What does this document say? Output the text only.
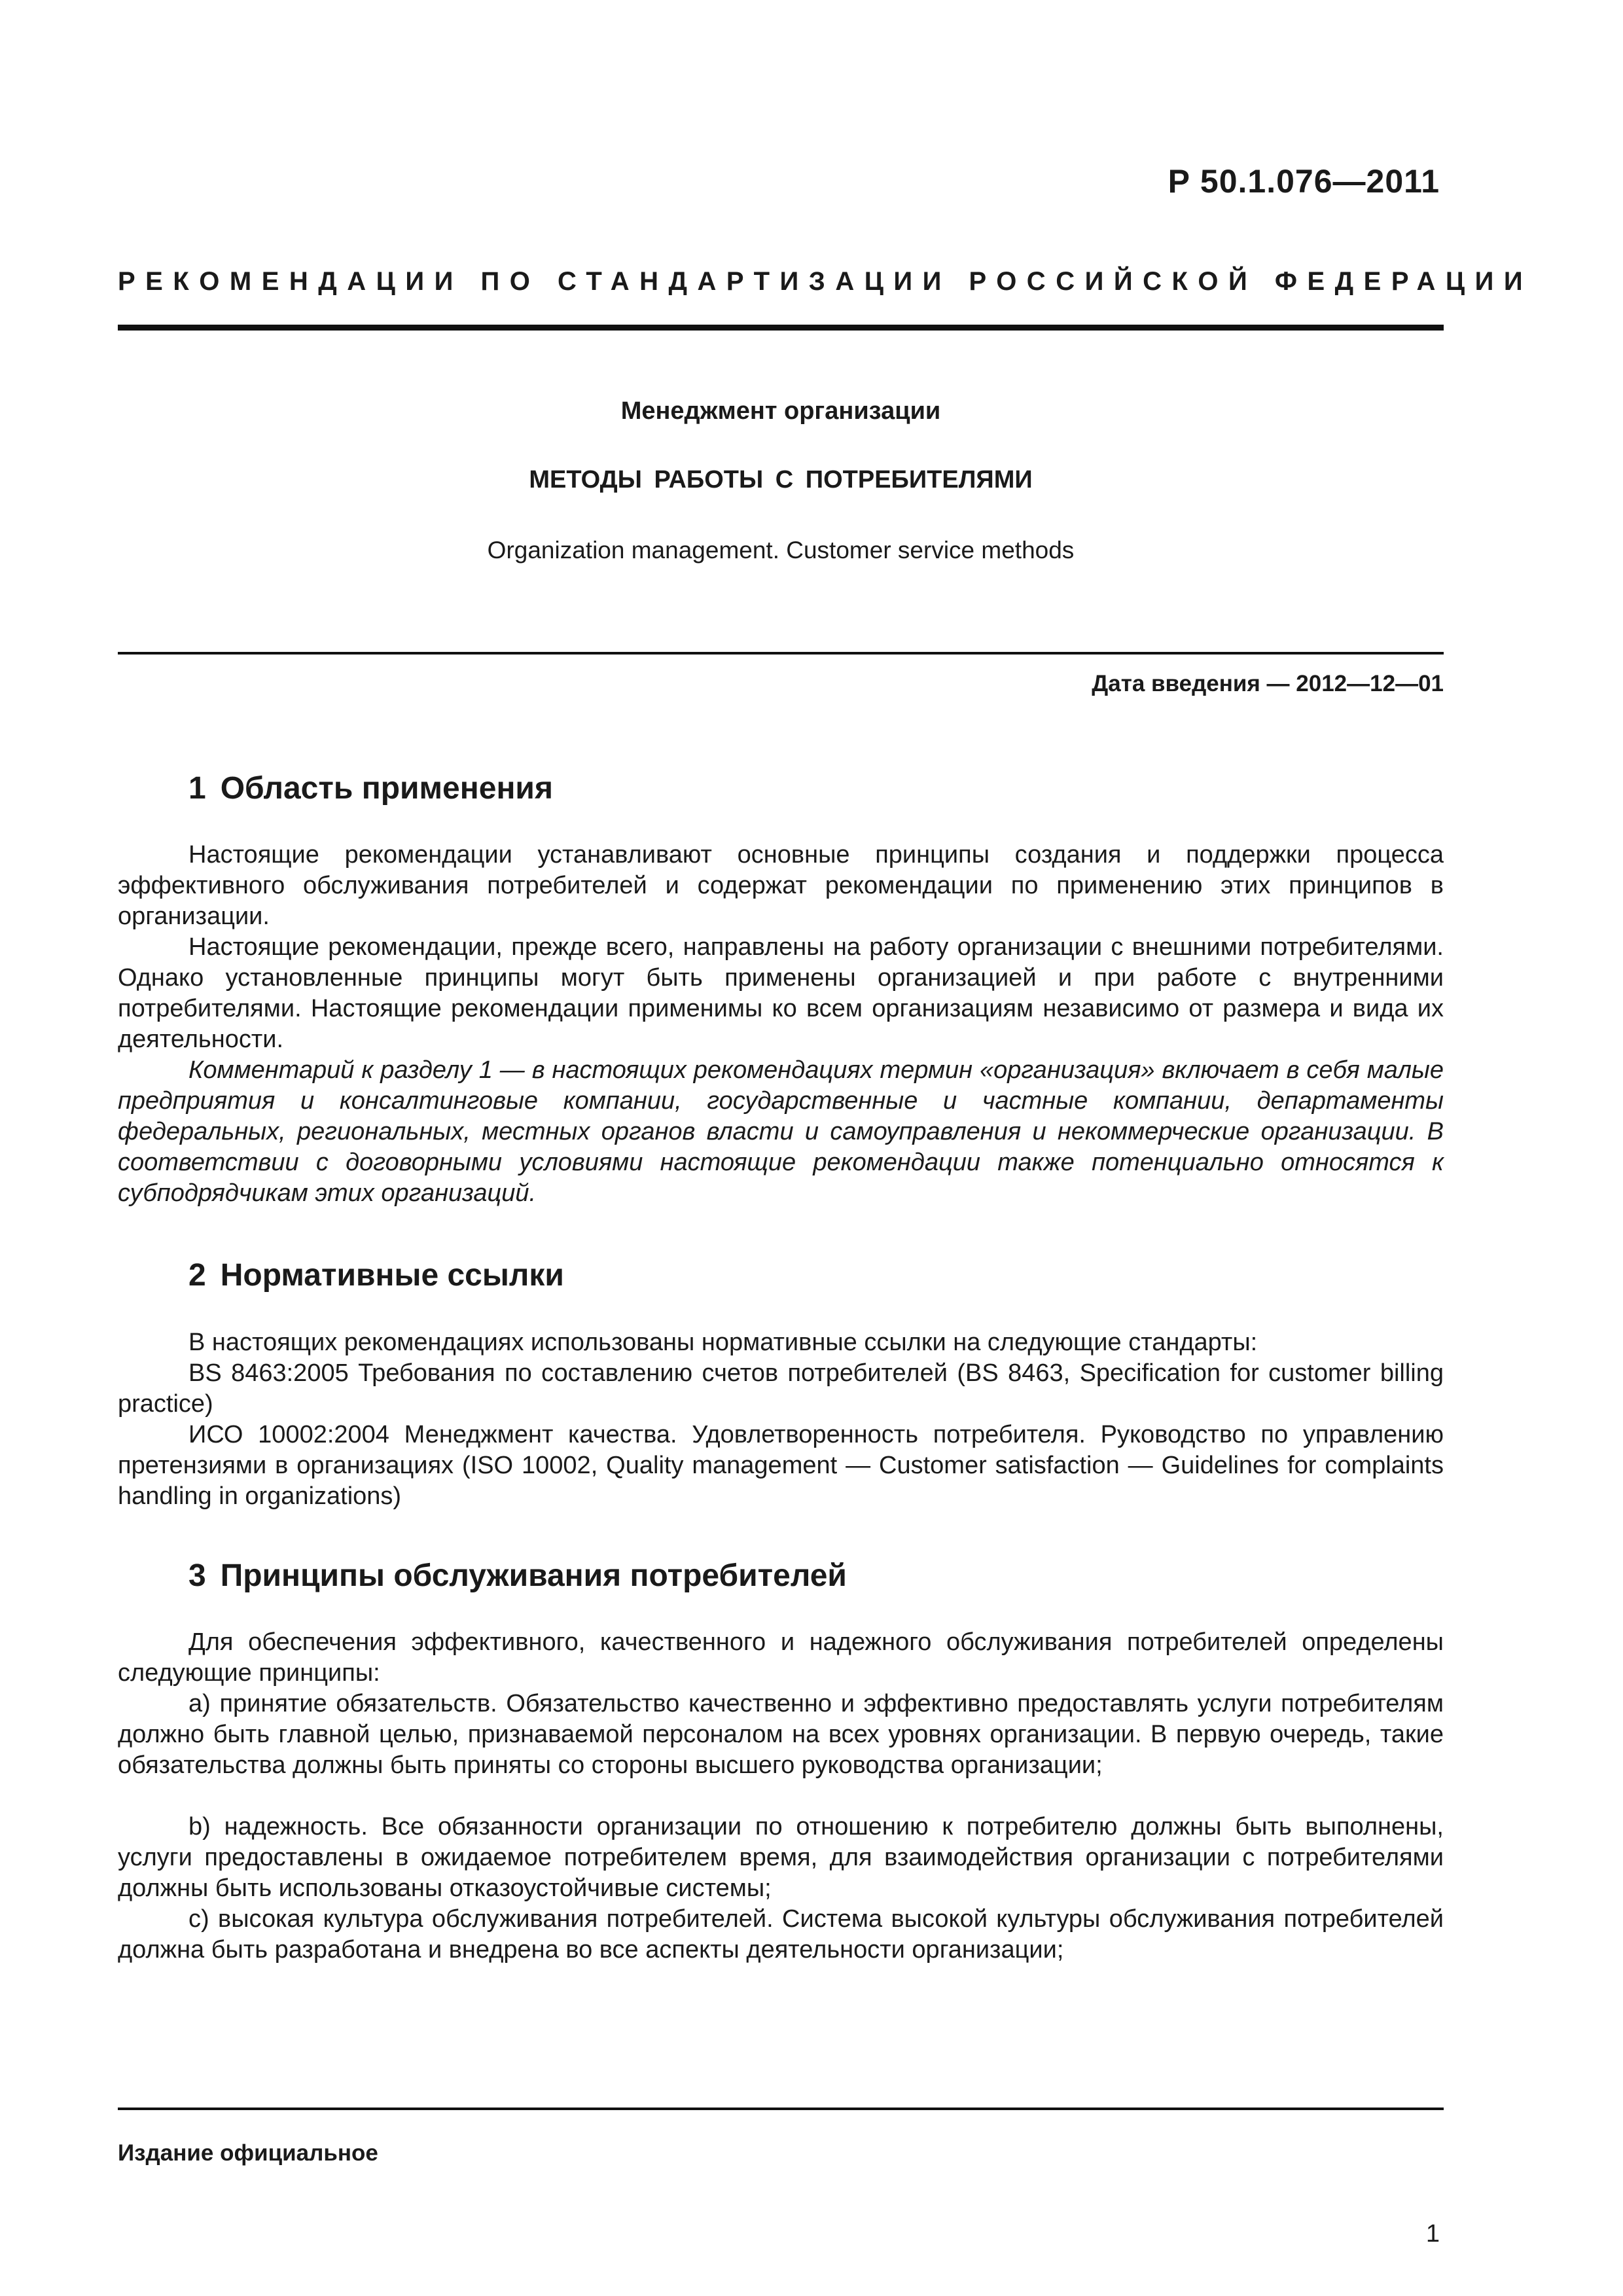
Р 50.1.076—2011
РЕКОМЕНДАЦИИ ПО СТАНДАРТИЗАЦИИ РОССИЙСКОЙ ФЕДЕРАЦИИ
Менеджмент организации
МЕТОДЫ РАБОТЫ С ПОТРЕБИТЕЛЯМИ
Organization management. Customer service methods
Дата введения — 2012—12—01
1 Область применения

Настоящие рекомендации устанавливают основные принципы создания и поддержки процесса эффективного обслуживания потребителей и содержат рекомендации по применению этих принципов в организации.

Настоящие рекомендации, прежде всего, направлены на работу организации с внешними потребителями. Однако установленные принципы могут быть применены организацией и при работе с внутренними потребителями. Настоящие рекомендации применимы ко всем организациям независимо от размера и вида их деятельности.

Комментарий к разделу 1 — в настоящих рекомендациях термин «организация» включает в себя малые предприятия и консалтинговые компании, государственные и частные компании, департаменты федеральных, региональных, местных органов власти и самоуправления и некоммерческие организации. В соответствии с договорными условиями настоящие рекомендации также потенциально относятся к субподрядчикам этих организаций.

2 Нормативные ссылки

В настоящих рекомендациях использованы нормативные ссылки на следующие стандарты:

BS 8463:2005 Требования по составлению счетов потребителей (BS 8463, Specification for customer billing practice)

ИСО 10002:2004 Менеджмент качества. Удовлетворенность потребителя. Руководство по управлению претензиями в организациях (ISO 10002, Quality management — Customer satisfaction — Guidelines for complaints handling in organizations)

3 Принципы обслуживания потребителей

Для обеспечения эффективного, качественного и надежного обслуживания потребителей определены следующие принципы:

а) принятие обязательств. Обязательство качественно и эффективно предоставлять услуги потребителям должно быть главной целью, признаваемой персоналом на всех уровнях организации. В первую очередь, такие обязательства должны быть приняты со стороны высшего руководства организации;

b) надежность. Все обязанности организации по отношению к потребителю должны быть выполнены, услуги предоставлены в ожидаемое потребителем время, для взаимодействия организации с потребителями должны быть использованы отказоустойчивые системы;

c) высокая культура обслуживания потребителей. Система высокой культуры обслуживания потребителей должна быть разработана и внедрена во все аспекты деятельности организации;

Издание официальное
1
